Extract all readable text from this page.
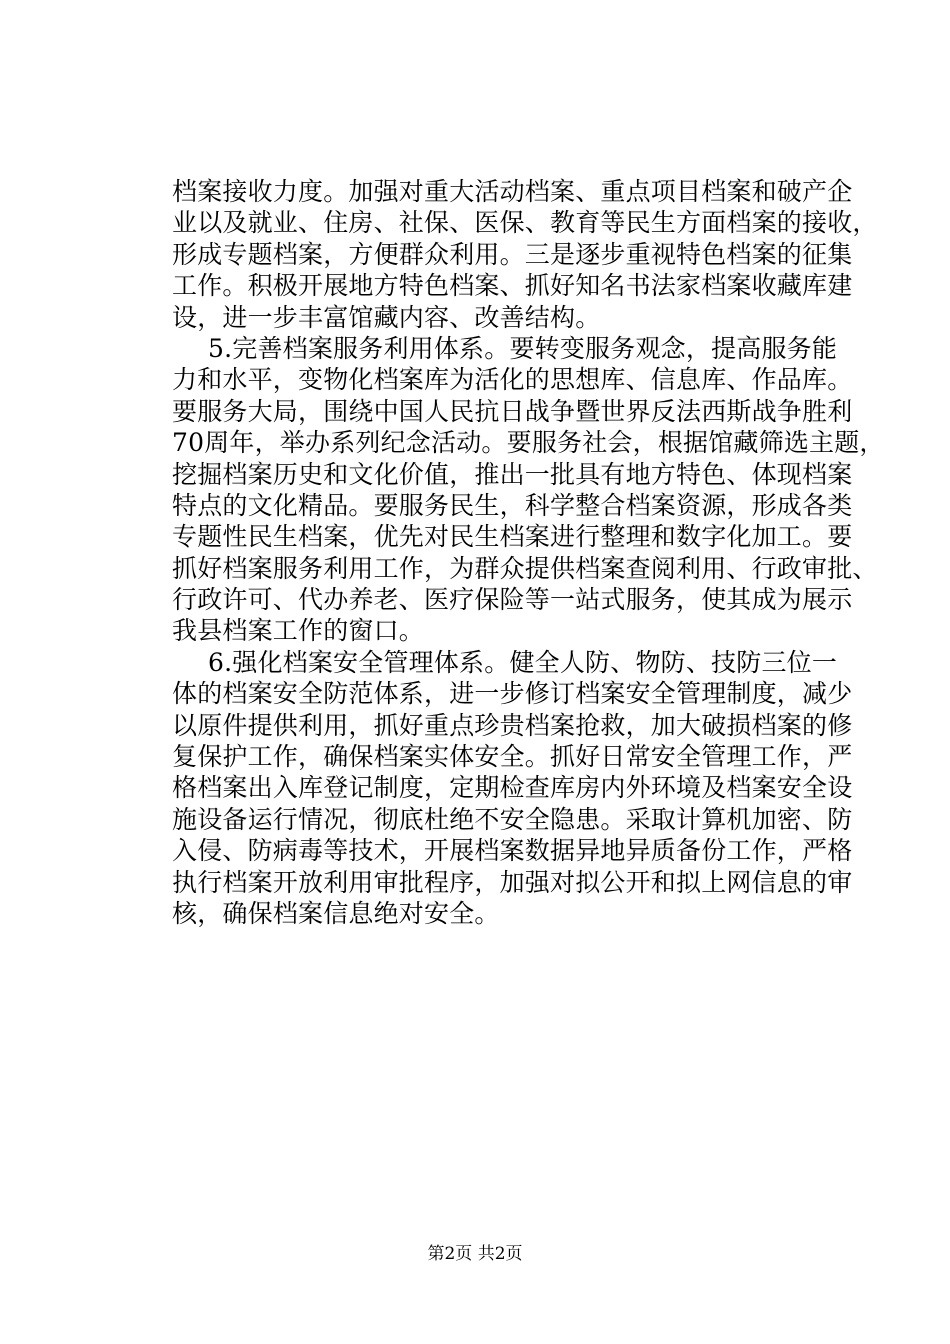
档案接收力度。加强对重大活动档案、重点项目档案和破产企
业以及就业、住房、社保、医保、教育等民生方面档案的接收，
形成专题档案，方便群众利用。三是逐步重视特色档案的征集
工作。积极开展地方特色档案、抓好知名书法家档案收藏库建
设，进一步丰富馆藏内容、改善结构。
5.完善档案服务利用体系。要转变服务观念，提高服务能
力和水平，变物化档案库为活化的思想库、信息库、作品库。
要服务大局，围绕中国人民抗日战争暨世界反法西斯战争胜利
70周年，举办系列纪念活动。要服务社会，根据馆藏筛选主题，
挖掘档案历史和文化价值，推出一批具有地方特色、体现档案
特点的文化精品。要服务民生，科学整合档案资源，形成各类
专题性民生档案，优先对民生档案进行整理和数字化加工。要
抓好档案服务利用工作，为群众提供档案查阅利用、行政审批、
行政许可、代办养老、医疗保险等一站式服务，使其成为展示
我县档案工作的窗口。
6.强化档案安全管理体系。健全人防、物防、技防三位一
体的档案安全防范体系，进一步修订档案安全管理制度，减少
以原件提供利用，抓好重点珍贵档案抢救，加大破损档案的修
复保护工作，确保档案实体安全。抓好日常安全管理工作，严
格档案出入库登记制度，定期检查库房内外环境及档案安全设
施设备运行情况，彻底杜绝不安全隐患。采取计算机加密、防
入侵、防病毒等技术，开展档案数据异地异质备份工作，严格
执行档案开放利用审批程序，加强对拟公开和拟上网信息的审
核，确保档案信息绝对安全。
第2页 共2页
